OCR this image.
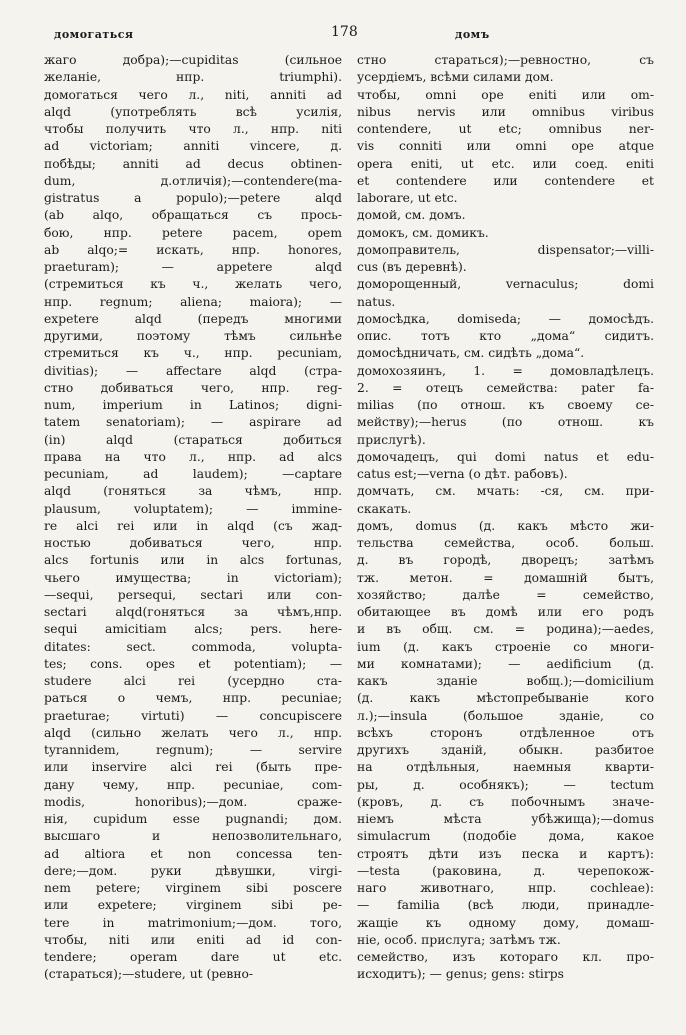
домогаться	178	домъ

жаго добра);—cupiditas (сильное

желаніе, нпр. triumphi).

домогаться чего л., niti, anniti ad

alqd (употреблять всѣ усилія,

чтобы получить что л., нпр. niti

ad victoriam; anniti vincere, д.

побѣды; anniti ad decus obtinen-

dum, д.отличія);—contendere(ma-

gistratus a populo);—petere alqd

(ab alqo, обращаться съ прось-

бою, нпр. petere pacem, opem

ab alqo;= искать, нпр. honores,

praeturam); — appetere alqd

(стремиться къ ч., желать чего,

нпр. regnum; aliena; maiora); —

expetere alqd (передъ многими

другими, поэтому тѣмъ сильнѣе

стремиться къ ч., нпр. pecuniam,

divitias); — affectare alqd (стра-

стно добиваться чего, нпр. reg-

num, imperium in Latinos; digni-

tatem senatoriam); — aspirare ad

(in) alqd (стараться добиться

права на что л., нпр. ad alcs

pecuniam, ad laudem); —captare

alqd (гоняться за чѣмъ, нпр.

plausum, voluptatem); — immine-

re alci rei или in alqd (съ жад-

ностью добиваться чего, нпр.

alcs fortunis или in alcs fortunas,

чьего имущества; in victoriam);

—sequi, persequi, sectari или con-

sectari alqd(гоняться за чѣмъ,нпр.

sequi amicitiam alcs; pers. here-

ditates: sect. commoda, volupta-

tes; cons. opes et potentiam); —

studere alci rei (усердно ста-

раться о чемъ, нпр. pecuniae;

praeturae; virtuti) — concupiscere

alqd (сильно желать чего л., нпр.

tyrannidem, regnum); — servire

или inservire alci rei (быть пре-

дану чему, нпр. pecuniae, com-

modis, honoribus);—дом. сраже-

нія, cupidum esse pugnandi; дом.

высшаго и непозволительнаго,

ad altiora et non concessa ten-

dere;—дом. руки дѣвушки, virgi-

nem petere; virginem sibi poscere

или expetere; virginem sibi pe-

tere in matrimonium;—дом. того,

чтобы, niti или eniti ad id con-

tendere; operam dare ut etc.

(стараться);—studere, ut (ревно-

стно стараться);—ревностно, съ

усердіемъ, всѣми силами дом.

чтобы, omni ope eniti или om-

nibus nervis или omnibus viribus

contendere, ut etc; omnibus ner-

vis conniti или omni ope atque

opera eniti, ut etc. или соед. eniti

et contendere или contendere et

laborare, ut etc.

домой, см. домъ.

домокъ, см. домикъ.

домоправитель, dispensator;—villi-

cus (въ деревнѣ).

доморощенный, vernaculus; domi

natus.

домосѣдка, domiseda; — домосѣдъ.

опис. тотъ кто „дома“ сидитъ.

домосѣдничать, см. сидѣть „дома“.

домохозяинъ, 1. = домовладѣлецъ.

2. = отецъ семейства: pater fa-

milias (по отнош. къ своему се-

мейству);—herus (по отнош. къ

прислугѣ).

домочадецъ, qui domi natus et edu-

catus est;—verna (о дѣт. рабовъ).

домчать, см. мчать: -ся, см. при-

скакать.

домъ, domus (д. какъ мѣсто жи-

тельства семейства, особ. больш.

д. въ городѣ, дворецъ; затѣмъ

тж. метон. = домашній бытъ,

хозяйство; далѣе = семейство,

обитающее въ домѣ или его родъ

и въ общ. см. = родина);—aedes,

ium (д. какъ строеніе со многи-

ми комнатами); — aedificium (д.

какъ зданіе вобщ.);—domicilium

(д. какъ мѣстопребываніе кого

л.);—insula (большое зданіе, со

всѣхъ сторонъ отдѣленное отъ

другихъ зданій, обыкн. разбитое

на отдѣльныя, наемныя кварти-

ры, д. особнякъ); — tectum

(кровъ, д. съ побочнымъ значе-

ніемъ мѣста убѣжища);—domus

simulacrum (подобіе дома, какое

строятъ дѣти изъ песка и картъ):

—testa (раковина, д. черепокож-

наго животнаго, нпр. cochleae):

— familia (всѣ люди, принадле-

жащіе къ одному дому, домаш-

ніе, особ. прислуга; затѣмъ тж.

семейство, изъ котораго кл. про-

исходитъ); — genus; gens: stirps
